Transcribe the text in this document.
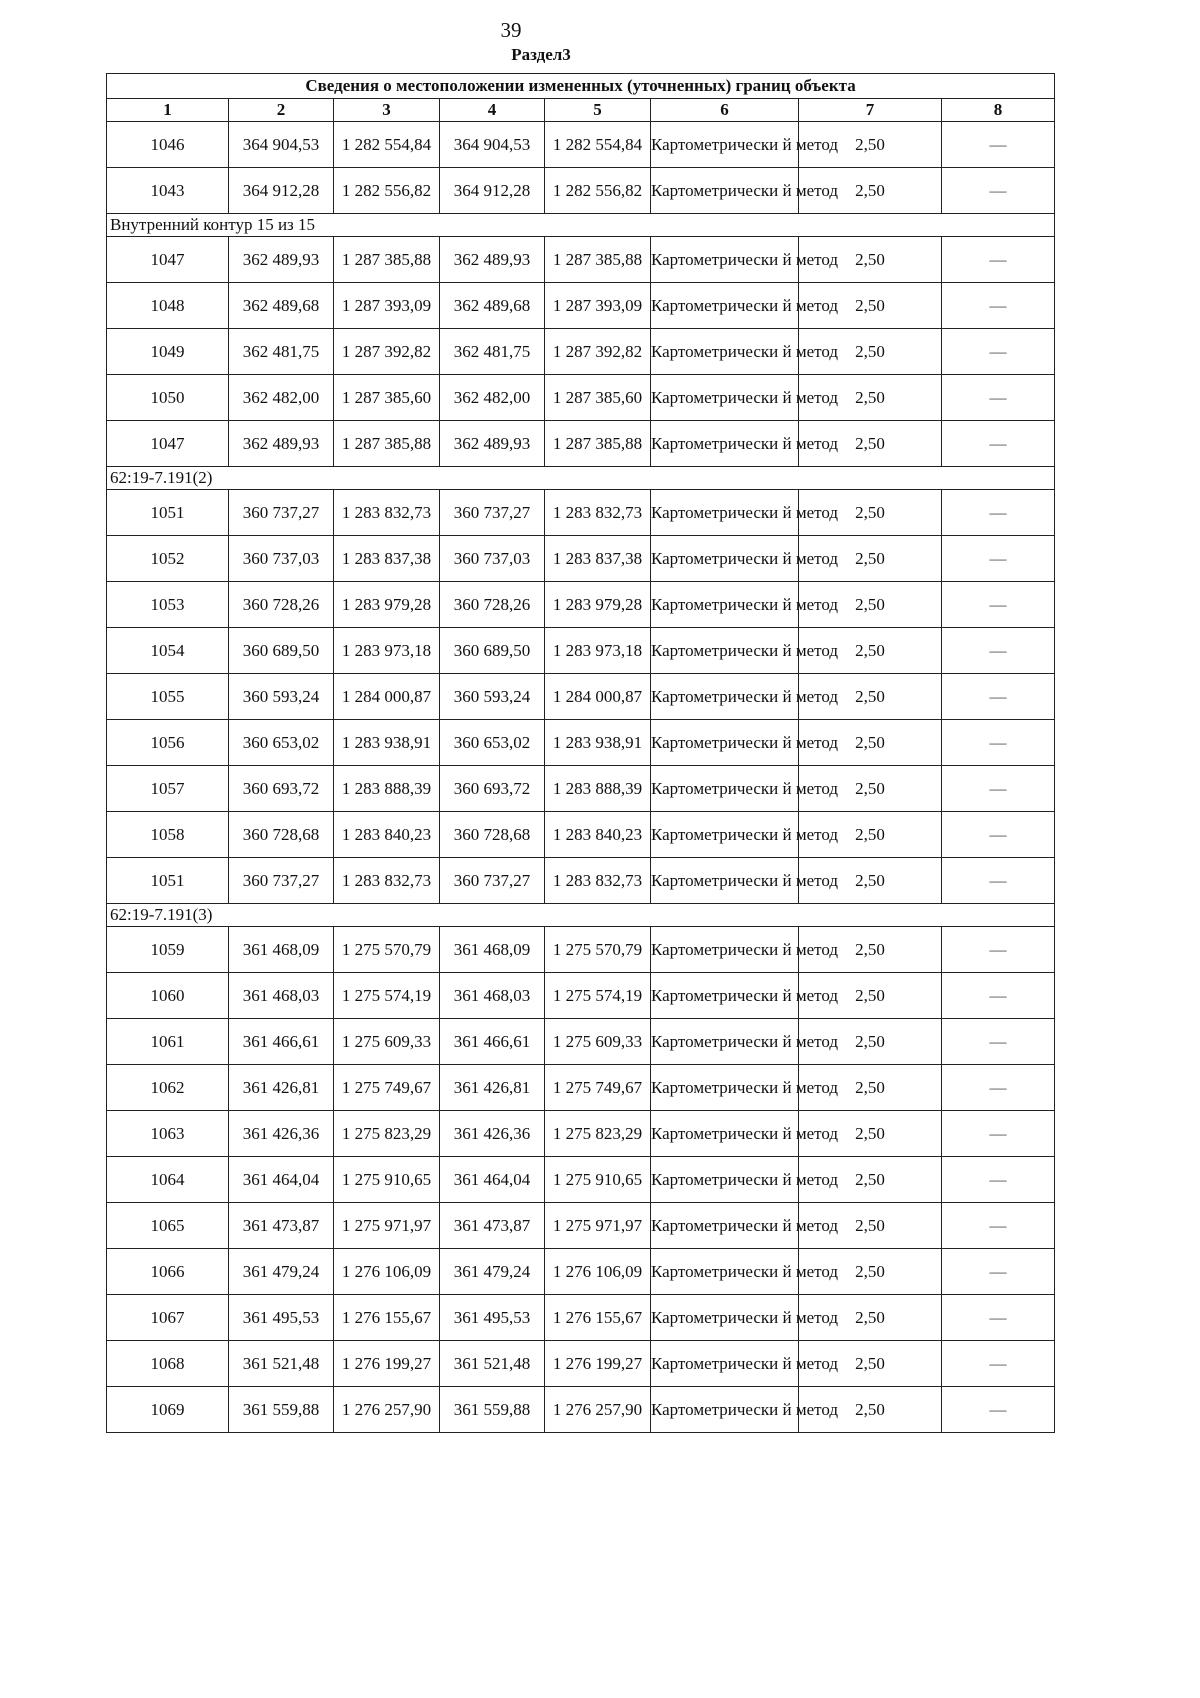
39
Раздел3
Сведения о местоположении измененных (уточненных) границ объекта							
1	2	3	4	5	6	7	8
1046	364 904,53	1 282 554,84	364 904,53	1 282 554,84	Картометрически й метод	2,50	—
1043	364 912,28	1 282 556,82	364 912,28	1 282 556,82	Картометрически й метод	2,50	—
Внутренний контур 15 из 15							
1047	362 489,93	1 287 385,88	362 489,93	1 287 385,88	Картометрически й метод	2,50	—
1048	362 489,68	1 287 393,09	362 489,68	1 287 393,09	Картометрически й метод	2,50	—
1049	362 481,75	1 287 392,82	362 481,75	1 287 392,82	Картометрически й метод	2,50	—
1050	362 482,00	1 287 385,60	362 482,00	1 287 385,60	Картометрически й метод	2,50	—
1047	362 489,93	1 287 385,88	362 489,93	1 287 385,88	Картометрически й метод	2,50	—
62:19-7.191(2)							
1051	360 737,27	1 283 832,73	360 737,27	1 283 832,73	Картометрически й метод	2,50	—
1052	360 737,03	1 283 837,38	360 737,03	1 283 837,38	Картометрически й метод	2,50	—
1053	360 728,26	1 283 979,28	360 728,26	1 283 979,28	Картометрически й метод	2,50	—
1054	360 689,50	1 283 973,18	360 689,50	1 283 973,18	Картометрически й метод	2,50	—
1055	360 593,24	1 284 000,87	360 593,24	1 284 000,87	Картометрически й метод	2,50	—
1056	360 653,02	1 283 938,91	360 653,02	1 283 938,91	Картометрически й метод	2,50	—
1057	360 693,72	1 283 888,39	360 693,72	1 283 888,39	Картометрически й метод	2,50	—
1058	360 728,68	1 283 840,23	360 728,68	1 283 840,23	Картометрически й метод	2,50	—
1051	360 737,27	1 283 832,73	360 737,27	1 283 832,73	Картометрически й метод	2,50	—
62:19-7.191(3)							
1059	361 468,09	1 275 570,79	361 468,09	1 275 570,79	Картометрически й метод	2,50	—
1060	361 468,03	1 275 574,19	361 468,03	1 275 574,19	Картометрически й метод	2,50	—
1061	361 466,61	1 275 609,33	361 466,61	1 275 609,33	Картометрически й метод	2,50	—
1062	361 426,81	1 275 749,67	361 426,81	1 275 749,67	Картометрически й метод	2,50	—
1063	361 426,36	1 275 823,29	361 426,36	1 275 823,29	Картометрически й метод	2,50	—
1064	361 464,04	1 275 910,65	361 464,04	1 275 910,65	Картометрически й метод	2,50	—
1065	361 473,87	1 275 971,97	361 473,87	1 275 971,97	Картометрически й метод	2,50	—
1066	361 479,24	1 276 106,09	361 479,24	1 276 106,09	Картометрически й метод	2,50	—
1067	361 495,53	1 276 155,67	361 495,53	1 276 155,67	Картометрически й метод	2,50	—
1068	361 521,48	1 276 199,27	361 521,48	1 276 199,27	Картометрически й метод	2,50	—
1069	361 559,88	1 276 257,90	361 559,88	1 276 257,90	Картометрически й метод	2,50	—
